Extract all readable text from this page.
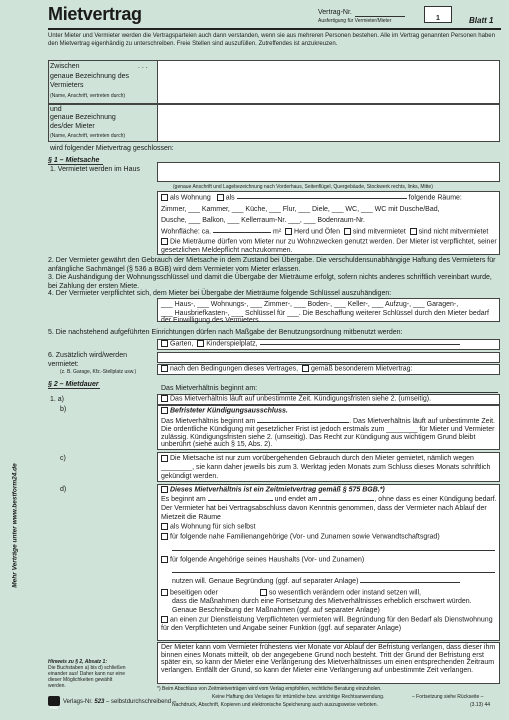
Mietvertrag	Vertrag-Nr.
Ausfertigung für Vermieter/Mieter	1	Blatt 1
Unter Mieter und Vermieter werden die Vertragsparteien auch dann verstanden, wenn sie aus mehreren Personen bestehen. Alle im Vertrag genannten Personen haben den Mietvertrag eigenhändig zu unterschreiben. Freie Stellen sind auszufüllen. Zutreffendes ist anzukreuzen.
Zwischen	. . .
genaue Bezeichnung des Vermieters
(Name, Anschrift, vertreten durch)
und
genaue Bezeichnung des/der Mieter
(Name, Anschrift, vertreten durch)
wird folgender Mietvertrag geschlossen:
§ 1 – Mietsache
1. Vermietet werden im Haus
(genaue Anschrift und Lagebezeichnung nach Vorderhaus, Seitenflügel, Quergebäude, Stockwerk rechts, links, Mitte)
als Wohnung als	folgende Räume:
Zimmer, ___ Kammer, ___ Küche, ___ Flur, ___ Diele, ___ WC, ___ WC mit Dusche/Bad,
Dusche, ___ Balkon, ___ Kellerraum-Nr. ___, ___ Bodenraum-Nr.
Wohnfläche: ca.	m² Herd und Öfen sind mitvermietet sind nicht mitvermietet
Die Mieträume dürfen vom Mieter nur zu Wohnzwecken genutzt werden. Der Mieter ist verpflichtet, seiner gesetzlichen Meldepflicht nachzukommen.
2. Der Vermieter gewährt den Gebrauch der Mietsache in dem Zustand bei Übergabe. Die verschuldensunabhängige Haftung des Vermieters für anfängliche Sachmängel (§ 536 a BGB) wird dem Vermieter vom Mieter erlassen.
3. Die Aushändigung der Wohnungsschlüssel und damit die Übergabe der Mieträume erfolgt, sofern nichts anderes schriftlich vereinbart wurde, bei Zahlung der ersten Miete.
4. Der Vermieter verpflichtet sich, dem Mieter bei Übergabe der Mieträume folgende Schlüssel auszuhändigen:
___ Haus-, ___ Wohnungs-, ___ Zimmer-, ___ Boden-, ___ Keller-, ___ Aufzug-, ___ Garagen-,
___ Hausbriefkasten-, ___ Schlüssel für ___. Die Beschaffung weiterer Schlüssel durch den Mieter bedarf der Einwilligung des Vermieters.
5. Die nachstehend aufgeführten Einrichtungen dürfen nach Maßgabe der Benutzungsordnung mitbenutzt werden:
Garten, Kinderspielplatz,
6. Zusätzlich wird/werden vermietet:
(z. B. Garage, Kfz.-Stellplatz usw.)	nach den Bedingungen dieses Vertrages, gemäß besonderem Mietvertrag:
§ 2 – Mietdauer
Das Mietverhältnis beginnt am:
1. a)	Das Mietverhältnis läuft auf unbestimmte Zeit. Kündigungsfristen siehe 2. (umseitig).
b)	Befristeter Kündigungsausschluss.
Das Mietverhältnis beginnt am	. Das Mietverhältnis läuft auf unbestimmte Zeit.
Die ordentliche Kündigung mit gesetzlicher Frist ist jedoch erstmals zum ________ für Mieter und Vermieter zulässig. Kündigungsfristen siehe 2. (umseitig). Das Recht zur Kündigung aus wichtigem Grund bleibt unberührt (siehe auch § 15, Abs. 2).
c)	Die Mietsache ist nur zum vorübergehenden Gebrauch durch den Mieter gemietet, nämlich wegen ________, sie kann daher jeweils bis zum 3. Werktag jeden Monats zum Schluss dieses Monats schriftlich gekündigt werden.
d)	Dieses Mietverhältnis ist ein Zeitmietvertrag gemäß § 575 BGB.*)
Es beginnt am	und endet am	, ohne dass es einer Kündigung bedarf.
Der Vermieter hat bei Vertragsabschluss davon Kenntnis genommen, dass der Vermieter nach Ablauf der Mietzeit die Räume
als Wohnung für sich selbst
für folgende nahe Familienangehörige (Vor- und Zunamen sowie Verwandtschaftsgrad)
für folgende Angehörige seines Haushalts (Vor- und Zunamen)
nutzen will. Genaue Begründung (ggf. auf separater Anlage)
beseitigen oder	so wesentlich verändern oder instand setzen will,
dass die Maßnahmen durch eine Fortsetzung des Mietverhältnisses erheblich erschwert würden. Genaue Beschreibung der Maßnahmen (ggf. auf separater Anlage)
an einen zur Dienstleistung Verpflichteten vermieten will. Begründung für den Bedarf als Dienstwohnung für den Verpflichteten und Angabe seiner Funktion (ggf. auf separater Anlage)
Der Mieter kann vom Vermieter frühestens vier Monate vor Ablauf der Befristung verlangen, dass dieser ihm binnen eines Monats mitteilt, ob der angegebene Grund noch besteht. Tritt der Grund der Befristung erst später ein, so kann der Mieter eine Verlängerung des Mietverhältnisses um einen entsprechenden Zeitraum verlangen. Entfällt der Grund, so kann der Mieter eine Verlängerung auf unbestimmte Zeit verlangen.
Mehr Verträge unter www.bestform24.de
Hinweis zu § 2, Absatz 1:
Die Buchstaben a) bis d) schließen einander aus! Daher kann nur eine dieser Möglichkeiten gewählt werden.	*) Beim Abschluss von Zeitmietverträgen wird vom Verlag empfohlen, rechtliche Beratung einzuholen.
RNK
Verlags-Nr. 523 – selbstdurchschreibend –
Keine Haftung des Verlages für irrtümliche bzw. unrichtige Rechtsanwendung.
Nachdruck, Abschrift, Kopieren und elektronische Speicherung auch auszugsweise verboten.
– Fortsetzung siehe Rückseite –
(3.13) 44
